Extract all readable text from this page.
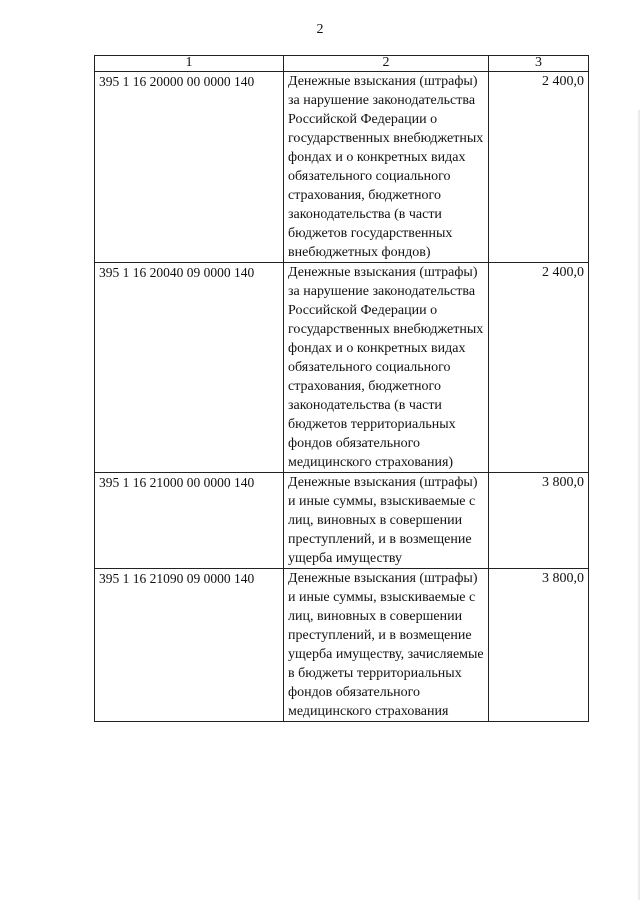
2
1	2	3
395 1 16 20000 00 0000 140	Денежные взыскания (штрафы) за нарушение законодательства Российской Федерации о государственных внебюджетных фондах и о конкретных видах обязательного социального страхования, бюджетного законодательства (в части бюджетов государственных внебюджетных фондов)	2 400,0
395 1 16 20040 09 0000 140	Денежные взыскания (штрафы) за нарушение законодательства Российской Федерации о государственных внебюджетных фондах и о конкретных видах обязательного социального страхования, бюджетного законодательства (в части бюджетов территориальных фондов обязательного медицинского страхования)	2 400,0
395 1 16 21000 00 0000 140	Денежные взыскания (штрафы) и иные суммы, взыскиваемые с лиц, виновных в совершении преступлений, и в возмещение ущерба имуществу	3 800,0
395 1 16 21090 09 0000 140	Денежные взыскания (штрафы) и иные суммы, взыскиваемые с лиц, виновных в совершении преступлений, и в возмещение ущерба имуществу, зачисляемые в бюджеты территориальных фондов обязательного медицинского страхования	3 800,0
